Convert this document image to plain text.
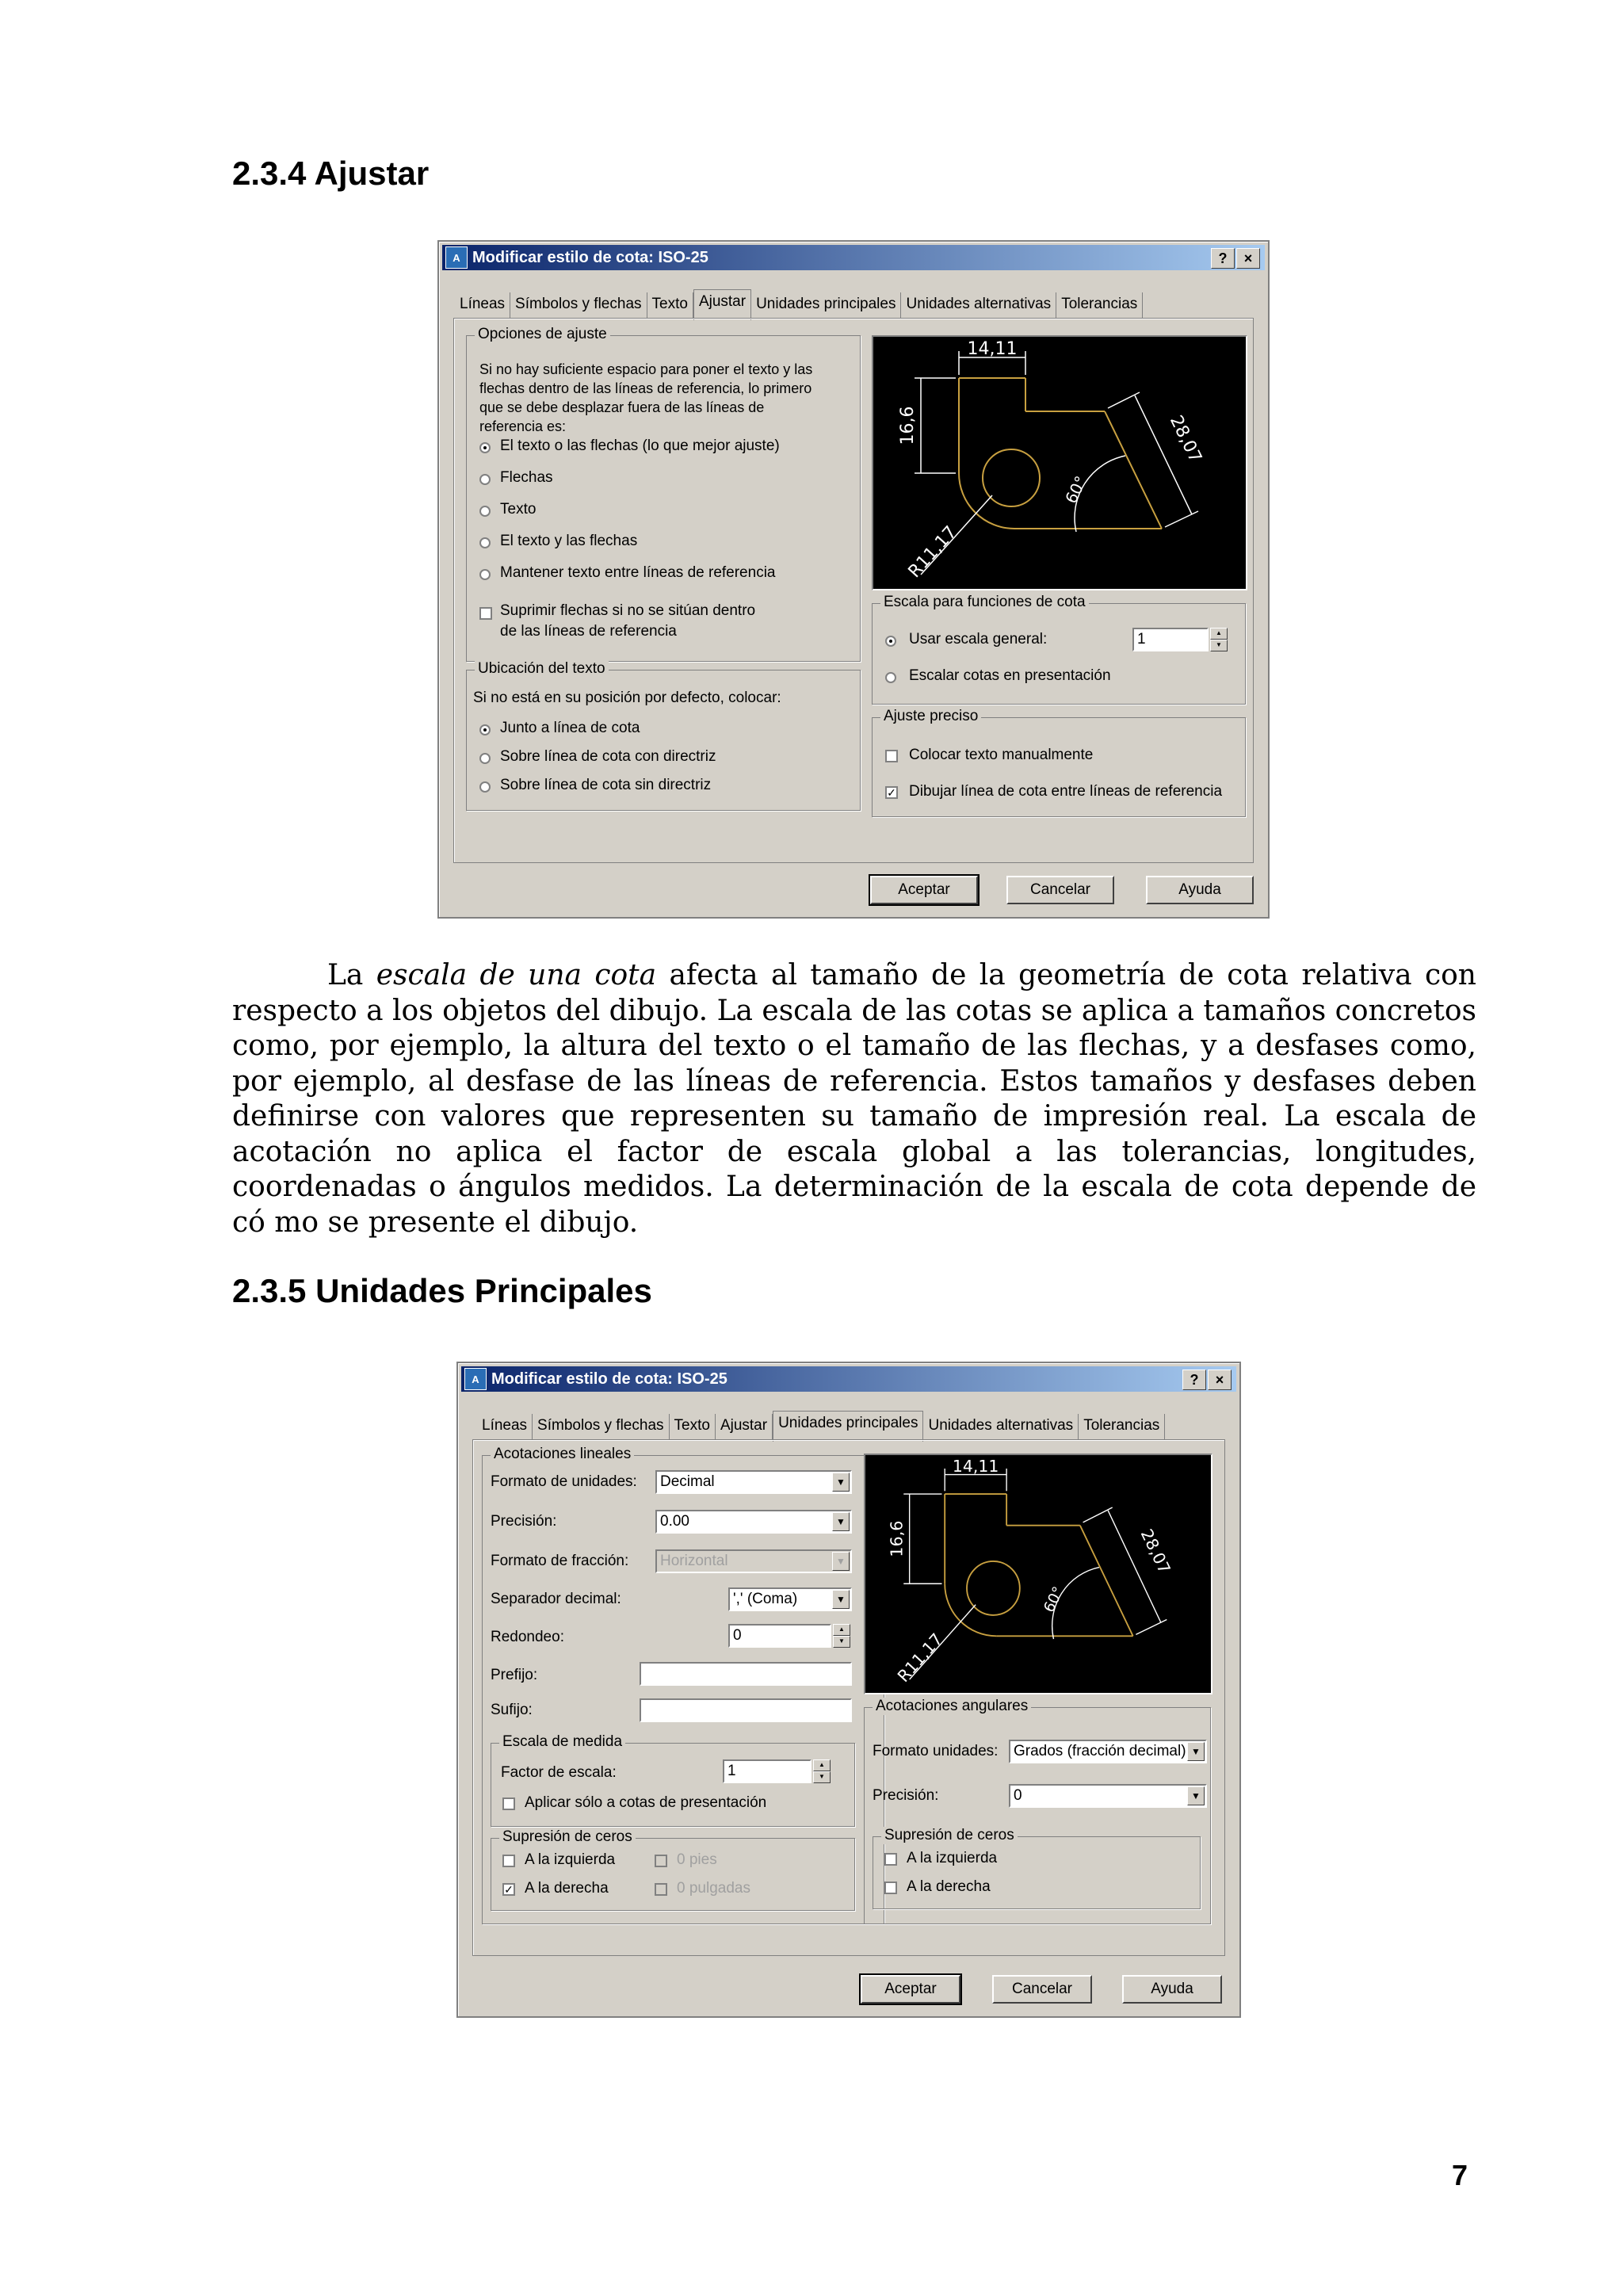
2.3.4 Ajustar
A Modificar estilo de cota: ISO-25	?	×
Líneas Símbolos y flechas Texto Ajustar Unidades principales Unidades alternativas Tolerancias
Opciones de ajuste
Si no hay suficiente espacio para poner el texto y las flechas dentro de las líneas de referencia, lo primero que se debe desplazar fuera de las líneas de referencia es:
El texto o las flechas (lo que mejor ajuste)
Flechas
Texto
El texto y las flechas
Mantener texto entre líneas de referencia
Suprimir flechas si no se sitúan dentro
de las líneas de referencia
Ubicación del texto
Si no está en su posición por defecto, colocar:
Junto a línea de cota
Sobre línea de cota con directriz
Sobre línea de cota sin directriz
14,11
16,6	28,07
60°
R11,17
Escala para funciones de cota
Usar escala general:	1	▲
▼
Escalar cotas en presentación
Ajuste preciso
Colocar texto manualmente
✓ Dibujar línea de cota entre líneas de referencia
Aceptar	Cancelar	Ayuda
La escala de una cota afecta al tamaño de la geometría de cota relativa con respecto a los objetos del dibujo. La escala de las cotas se aplica a tamaños concretos como, por ejemplo, la altura del texto o el tamaño de las flechas, y a desfases como, por ejemplo, al desfase de las líneas de referencia. Estos tamaños y desfases deben definirse con valores que representen su tamaño de impresión real. La escala de acotación no aplica el factor de escala global a las tolerancias, longitudes, coordenadas o ángulos medidos. La determinación de la escala de cota depende de có mo se presente el dibujo.
2.3.5 Unidades Principales
A Modificar estilo de cota: ISO-25	?	×
Líneas Símbolos y flechas Texto Ajustar Unidades principales Unidades alternativas Tolerancias
Acotaciones lineales
Formato de unidades:	Decimal	▼
Precisión:	0.00	▼
Formato de fracción:	Horizontal	▼
Separador decimal:	',' (Coma)	▼
Redondeo:	0	▲
▼
Prefijo:
Sufijo:
Escala de medida
Factor de escala:	1	▲
▼
Aplicar sólo a cotas de presentación
Supresión de ceros
A la izquierda	0 pies
✓ A la derecha	0 pulgadas
14,11
16,6	28,07
60°
R11,17
Acotaciones angulares
Formato unidades:	Grados (fracción decimal) ▼
Precisión:	0	▼
Supresión de ceros
A la izquierda
A la derecha
Aceptar	Cancelar	Ayuda
7
